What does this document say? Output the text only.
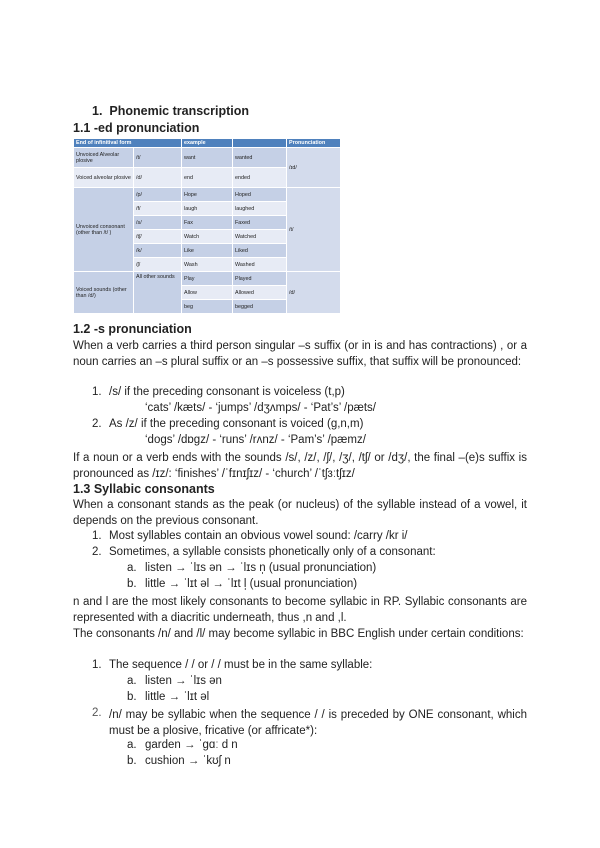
1. Phonemic transcription
1.1 -ed pronunciation
End of infinitival form		example		Pronunciation
Unvoiced Alveolar plosive	/t/	want	wanted	/ɪd/
Voiced alveolar plosive	/d/	end	ended	
Unvoiced consonant (other than /t/ )	/p/	Hope	Hoped	/t/
	/f/	laugh	laughed	
	/s/	Fax	Faxed	
	/tʃ/	Watch	Watched	
	/k/	Like	Liked	
	/ʃ/	Wash	Washed	
Voiced sounds (other than /d/)	All other sounds	Play	Played	/d/
		Allow	Allowed	
		beg	begged	
1.2 -s pronunciation
When a verb carries a third person singular –s suffix (or in is and has contractions) , or a noun carries an –s plural suffix or an –s possessive suffix, that suffix will be pronounced:
1. /s/ if the preceding consonant is voiceless (t,p)
‘cats’ /kæts/ - ‘jumps’ /dʒʌmps/ - ‘Pat’s’ /pæts/
2. As /z/ if the preceding consonant is voiced (g,n,m)
‘dogs’ /dɒgz/ - ‘runs’ /rʌnz/ - ‘Pam’s’ /pæmz/
If a noun or a verb ends with the sounds /s/, /z/, /ʃ/, /ʒ/, /tʃ/ or /dʒ/, the final –(e)s suffix is pronounced as /ɪz/: ‘finishes’ /ˈfɪnɪʃɪz/ - ‘church’ /ˈtʃɜːtʃɪz/
1.3 Syllabic consonants
When a consonant stands as the peak (or nucleus) of the syllable instead of a vowel, it depends on the previous consonant.
1. Most syllables contain an obvious vowel sound: /carry /kr i/
2. Sometimes, a syllable consists phonetically only of a consonant:
a. listen → ˈlɪs ən → ˈlɪs n̩ (usual pronunciation)
b. little → ˈlɪt əl → ˈlɪt l̩ (usual pronunciation)
n and l are the most likely consonants to become syllabic in RP. Syllabic consonants are represented with a diacritic underneath, thus ,n and ,l.
The consonants /n/ and /l/ may become syllabic in BBC English under certain conditions:
1. The sequence / / or / / must be in the same syllable:
a. listen → ˈlɪs ən
b. little → ˈlɪt əl
2. /n/ may be syllabic when the sequence / / is preceded by ONE consonant, which must be a plosive, fricative (or affricate*):
a. garden → ˈgɑː d n
b. cushion → ˈkʊʃ n
